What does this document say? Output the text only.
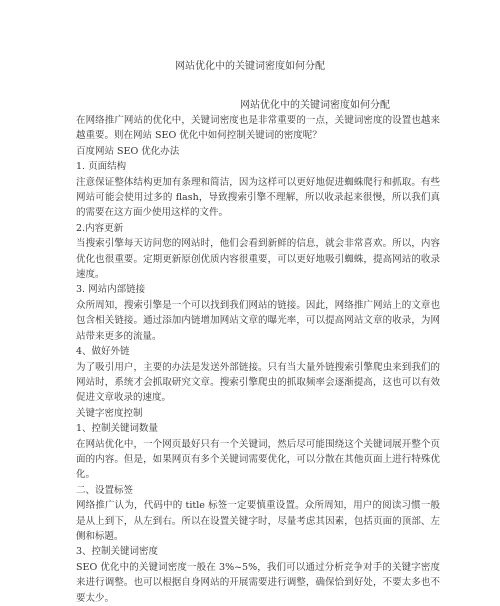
网站优化中的关键词密度如何分配
网站优化中的关键词密度如何分配

在网络推广网站的优化中，关键词密度也是非常重要的一点，关键词密度的设置也越来越重要。则在网站 SEO 优化中如何控制关键词的密度呢？

百度网站 SEO 优化办法

1. 页面结构

注意保证整体结构更加有条理和简洁，因为这样可以更好地促进蜘蛛爬行和抓取。有些网站可能会使用过多的 flash，导致搜索引擎不理解，所以收录起来很慢，所以我们真的需要在这方面少使用这样的文件。

2.内容更新

当搜索引擎每天访问您的网站时，他们会看到新鲜的信息，就会非常喜欢。所以，内容优化也很重要。定期更新原创优质内容很重要，可以更好地吸引蜘蛛，提高网站的收录速度。

3. 网站内部链接

众所周知，搜索引擎是一个可以找到我们网站的链接。因此，网络推广网站上的文章也包含相关链接。通过添加内链增加网站文章的曝光率，可以提高网站文章的收录，为网站带来更多的流量。

4、做好外链

为了吸引用户，主要的办法是发送外部链接。只有当大量外链搜索引擎爬虫来到我们的网站时，系统才会抓取研究文章。搜索引擎爬虫的抓取频率会逐渐提高，这也可以有效促进文章收录的速度。

关键字密度控制

1、控制关键词数量

在网站优化中，一个网页最好只有一个关键词，然后尽可能围绕这个关键词展开整个页面的内容。但是，如果网页有多个关键词需要优化，可以分散在其他页面上进行特殊优化。

二、设置标签

网络推广认为，代码中的 title 标签一定要慎重设置。众所周知，用户的阅读习惯一般是从上到下，从左到右。所以在设置关键字时，尽量考虑其因素，包括页面的顶部、左侧和标题。

3、控制关键词密度

SEO 优化中的关键词密度一般在 3%~5%，我们可以通过分析竞争对手的关键字密度来进行调整。也可以根据自身网站的开展需要进行调整，确保恰到好处，不要太多也不要太少。
